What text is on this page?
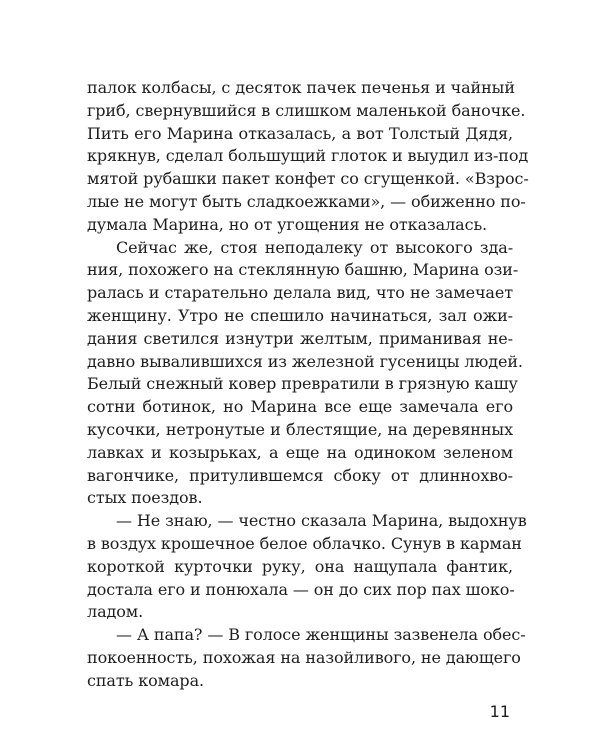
палок колбасы, с десяток пачек печенья и чайный
гриб, свернувшийся в слишком маленькой баночке.
Пить его Марина отказалась, а вот Толстый Дядя,
крякнув, сделал большущий глоток и выудил из-под
мятой рубашки пакет конфет со сгущенкой. «Взрос-
лые не могут быть сладкоежками», — обиженно по-
думала Марина, но от угощения не отказалась.
Сейчас же, стоя неподалеку от высокого зда-
ния, похожего на стеклянную башню, Марина ози-
ралась и старательно делала вид, что не замечает
женщину. Утро не спешило начинаться, зал ожи-
дания светился изнутри желтым, приманивая не-
давно вывалившихся из железной гусеницы людей.
Белый снежный ковер превратили в грязную кашу
сотни ботинок, но Марина все еще замечала его
кусочки, нетронутые и блестящие, на деревянных
лавках и козырьках, а еще на одиноком зеленом
вагончике, притулившемся сбоку от длиннохво-
стых поездов.
— Не знаю, — честно сказала Марина, выдохнув
в воздух крошечное белое облачко. Сунув в карман
короткой курточки руку, она нащупала фантик,
достала его и понюхала — он до сих пор пах шоко-
ладом.
— А папа? — В голосе женщины зазвенела обес-
покоенность, похожая на назойливого, не дающего
спать комара.
11
